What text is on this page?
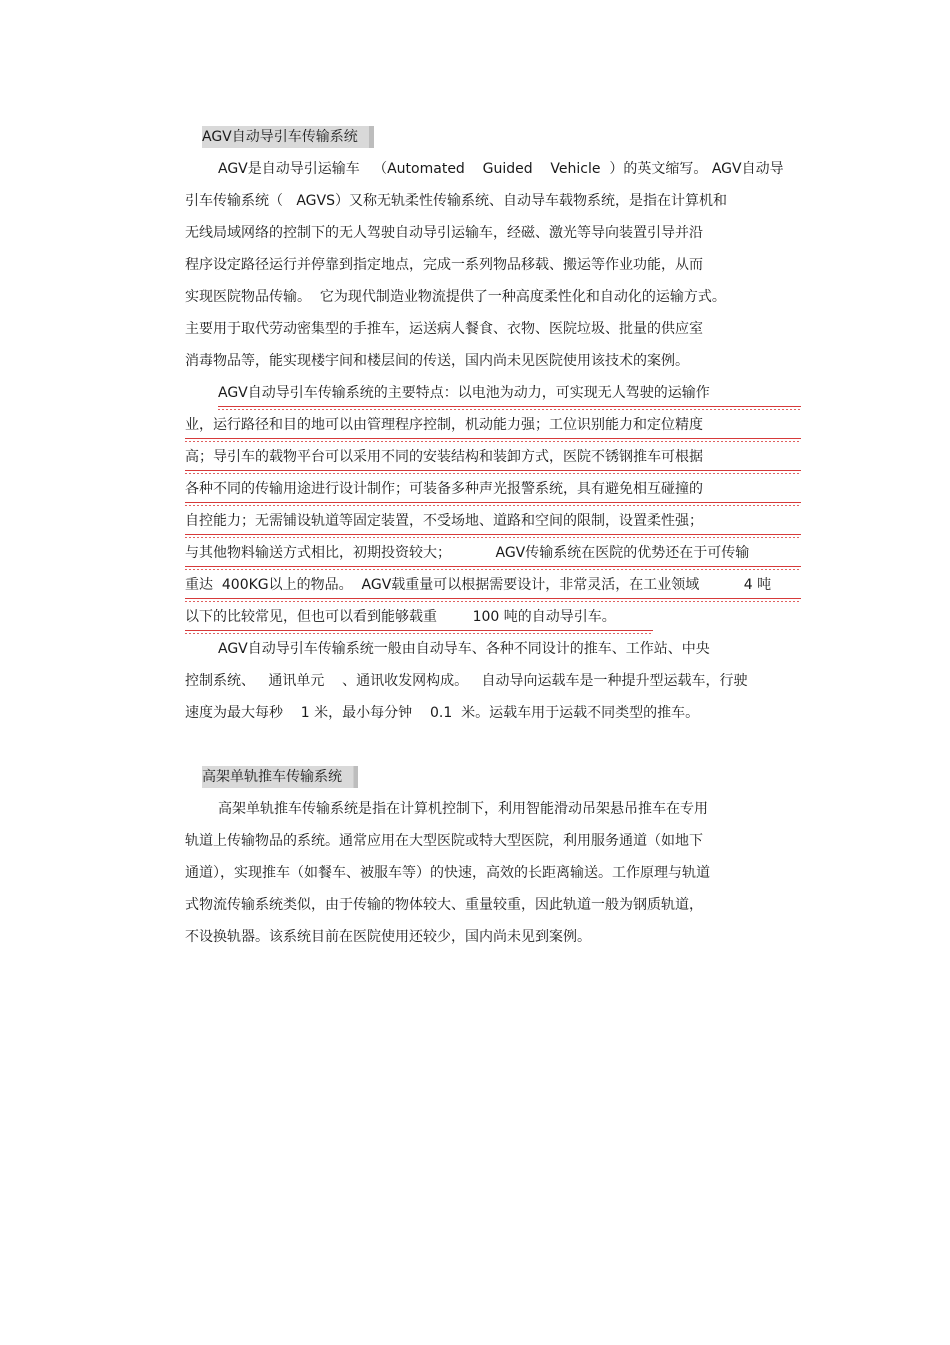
AGV自动导引车传输系统
AGV是自动导引运输车   （Automated    Guided    Vehicle  ）的英文缩写。 AGV自动导
引车传输系统（   AGVS）又称无轨柔性传输系统、自动导车载物系统，是指在计算机和
无线局域网络的控制下的无人驾驶自动导引运输车，经磁、激光等导向装置引导并沿
程序设定路径运行并停靠到指定地点，完成一系列物品移载、搬运等作业功能，从而
实现医院物品传输。  它为现代制造业物流提供了一种高度柔性化和自动化的运输方式。
主要用于取代劳动密集型的手推车，运送病人餐食、衣物、医院垃圾、批量的供应室
消毒物品等，能实现楼宇间和楼层间的传送，国内尚未见医院使用该技术的案例。
AGV自动导引车传输系统的主要特点：以电池为动力，可实现无人驾驶的运输作
业，运行路径和目的地可以由管理程序控制，机动能力强；工位识别能力和定位精度
高；导引车的载物平台可以采用不同的安装结构和装卸方式，医院不锈钢推车可根据
各种不同的传输用途进行设计制作；可装备多种声光报警系统，具有避免相互碰撞的
自控能力；无需铺设轨道等固定装置，不受场地、道路和空间的限制，设置柔性强；
与其他物料输送方式相比，初期投资较大；          AGV传输系统在医院的优势还在于可传输
重达  400KG以上的物品。  AGV载重量可以根据需要设计，非常灵活，在工业领域          4 吨
以下的比较常见，但也可以看到能够载重        100 吨的自动导引车。
AGV自动导引车传输系统一般由自动导车、各种不同设计的推车、工作站、中央
控制系统、   通讯单元    、通讯收发网构成。   自动导向运载车是一种提升型运载车，行驶
速度为最大每秒    1 米，最小每分钟    0.1  米。运载车用于运载不同类型的推车。
高架单轨推车传输系统
高架单轨推车传输系统是指在计算机控制下，利用智能滑动吊架悬吊推车在专用
轨道上传输物品的系统。通常应用在大型医院或特大型医院，利用服务通道（如地下
通道），实现推车（如餐车、被服车等）的快速，高效的长距离输送。工作原理与轨道
式物流传输系统类似，由于传输的物体较大、重量较重，因此轨道一般为钢质轨道，
不设换轨器。该系统目前在医院使用还较少，国内尚未见到案例。
